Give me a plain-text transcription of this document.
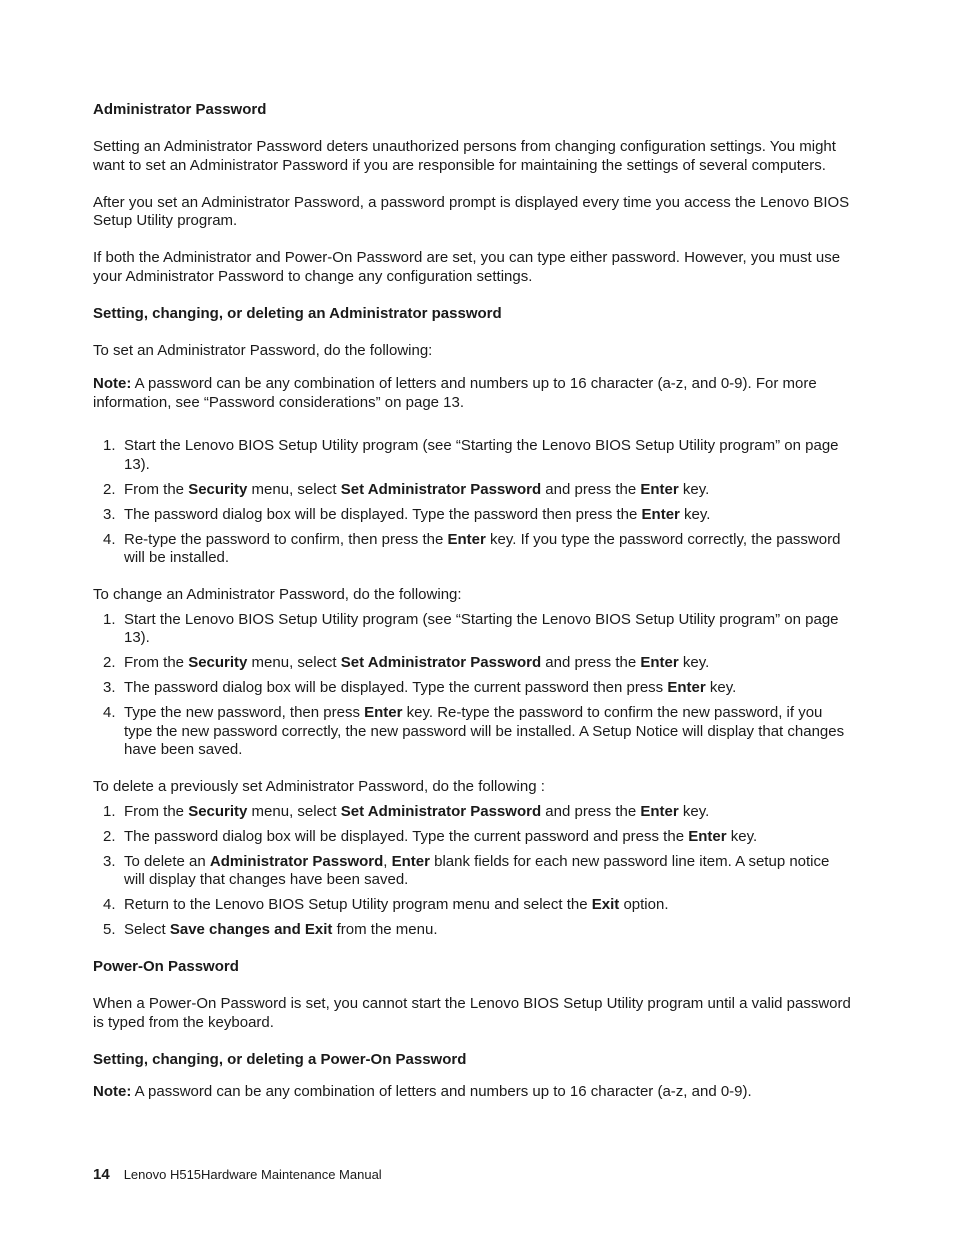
Administrator Password

Setting an Administrator Password deters unauthorized persons from changing configuration settings. You might want to set an Administrator Password if you are responsible for maintaining the settings of several computers.

After you set an Administrator Password, a password prompt is displayed every time you access the Lenovo BIOS Setup Utility program.

If both the Administrator and Power-On Password are set, you can type either password. However, you must use your Administrator Password to change any configuration settings.

Setting, changing, or deleting an Administrator password

To set an Administrator Password, do the following:

Note: A password can be any combination of letters and numbers up to 16 character (a-z, and 0-9). For more information, see “Password considerations” on page 13.

1. Start the Lenovo BIOS Setup Utility program (see “Starting the Lenovo BIOS Setup Utility program” on page 13).
2. From the Security menu, select Set Administrator Password and press the Enter key.
3. The password dialog box will be displayed. Type the password then press the Enter key.
4. Re-type the password to confirm, then press the Enter key. If you type the password correctly, the password will be installed.

To change an Administrator Password, do the following:

1. Start the Lenovo BIOS Setup Utility program (see “Starting the Lenovo BIOS Setup Utility program” on page 13).
2. From the Security menu, select Set Administrator Password and press the Enter key.
3. The password dialog box will be displayed. Type the current password then press Enter key.
4. Type the new password, then press Enter key. Re-type the password to confirm the new password, if you type the new password correctly, the new password will be installed. A Setup Notice will display that changes have been saved.

To delete a previously set Administrator Password, do the following :

1. From the Security menu, select Set Administrator Password and press the Enter key.
2. The password dialog box will be displayed. Type the current password and press the Enter key.
3. To delete an Administrator Password, Enter blank fields for each new password line item. A setup notice will display that changes have been saved.
4. Return to the Lenovo BIOS Setup Utility program menu and select the Exit option.
5. Select Save changes and Exit from the menu.
Power-On Password

When a Power-On Password is set, you cannot start the Lenovo BIOS Setup Utility program until a valid password is typed from the keyboard.

Setting, changing, or deleting a Power-On Password

Note: A password can be any combination of letters and numbers up to 16 character (a-z, and 0-9).

14 Lenovo H515Hardware Maintenance Manual
